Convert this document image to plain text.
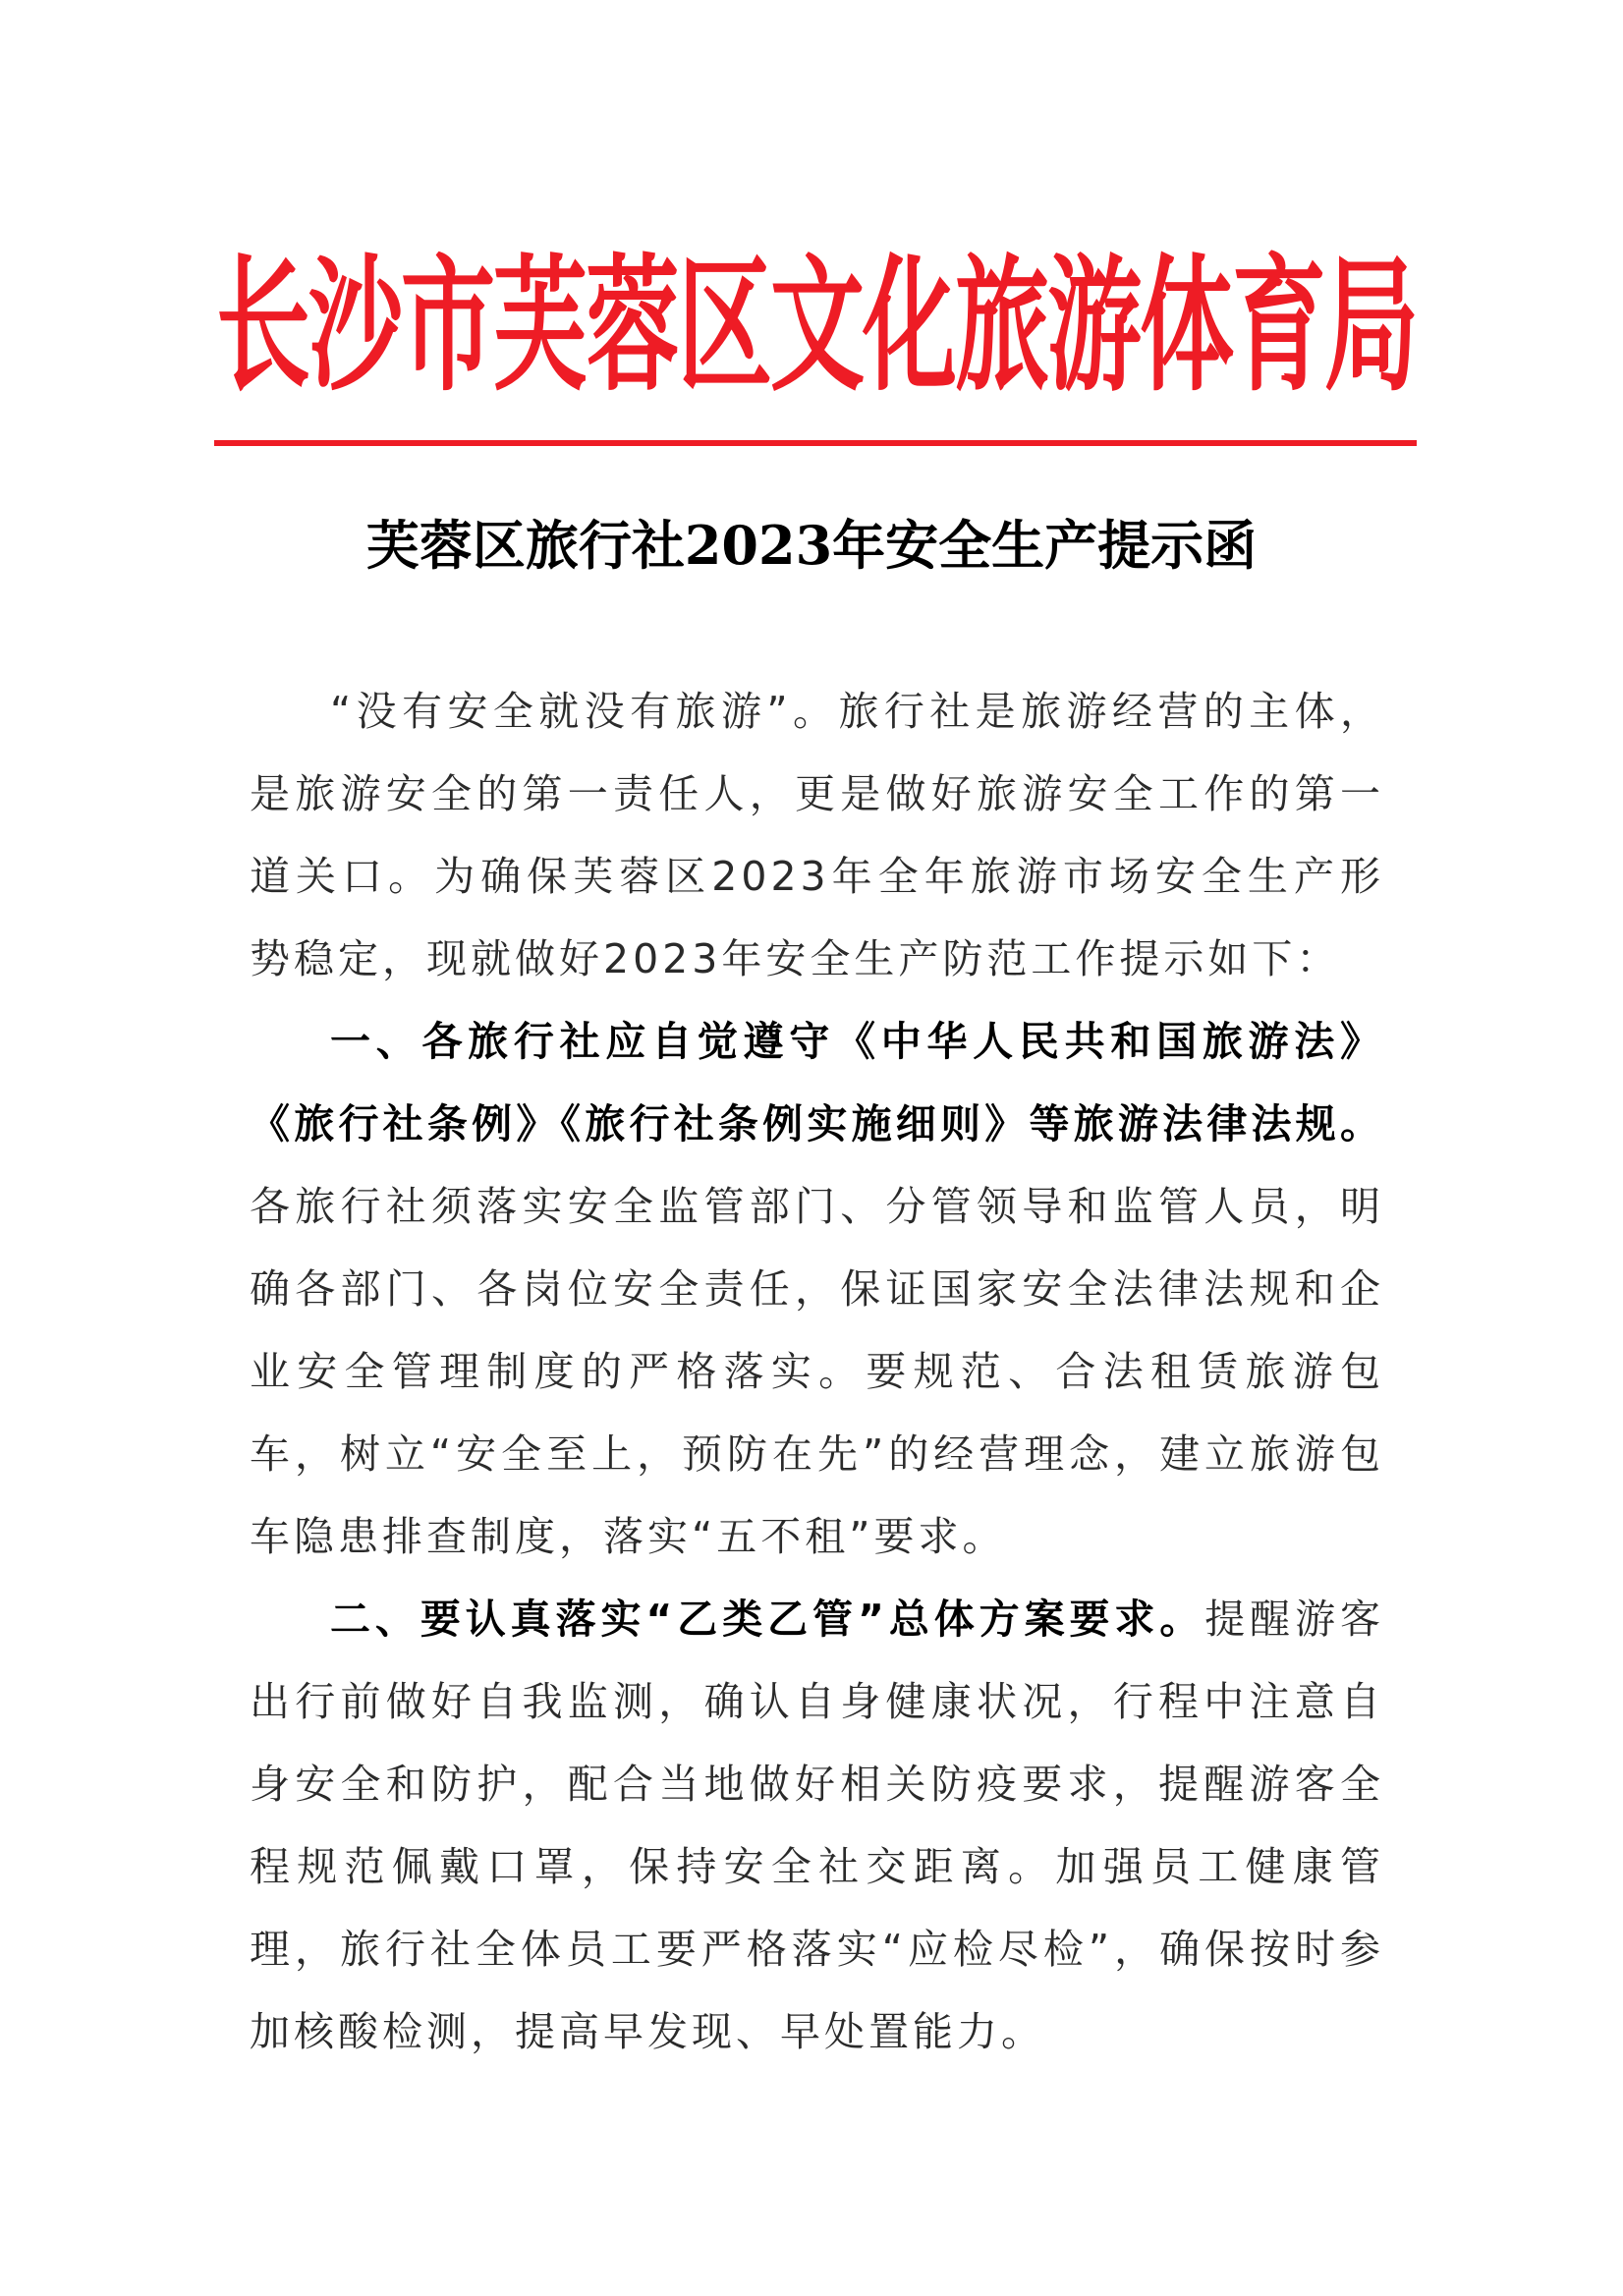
长沙市芙蓉区文化旅游体育局
芙蓉区旅行社2023年安全生产提示函

“没有安全就没有旅游”。旅行社是旅游经营的主体，是旅游安全的第一责任人，更是做好旅游安全工作的第一道关口。为确保芙蓉区2023年全年旅游市场安全生产形势稳定，现就做好2023年安全生产防范工作提示如下：

一、各旅行社应自觉遵守《中华人民共和国旅游法》《旅行社条例》《旅行社条例实施细则》等旅游法律法规。各旅行社须落实安全监管部门、分管领导和监管人员，明确各部门、各岗位安全责任，保证国家安全法律法规和企业安全管理制度的严格落实。要规范、合法租赁旅游包车，树立“安全至上，预防在先”的经营理念，建立旅游包车隐患排查制度，落实“五不租”要求。

二、要认真落实“乙类乙管”总体方案要求。提醒游客出行前做好自我监测，确认自身健康状况，行程中注意自身安全和防护，配合当地做好相关防疫要求，提醒游客全程规范佩戴口罩，保持安全社交距离。加强员工健康管理，旅行社全体员工要严格落实“应检尽检”，确保按时参加核酸检测，提高早发现、早处置能力。
